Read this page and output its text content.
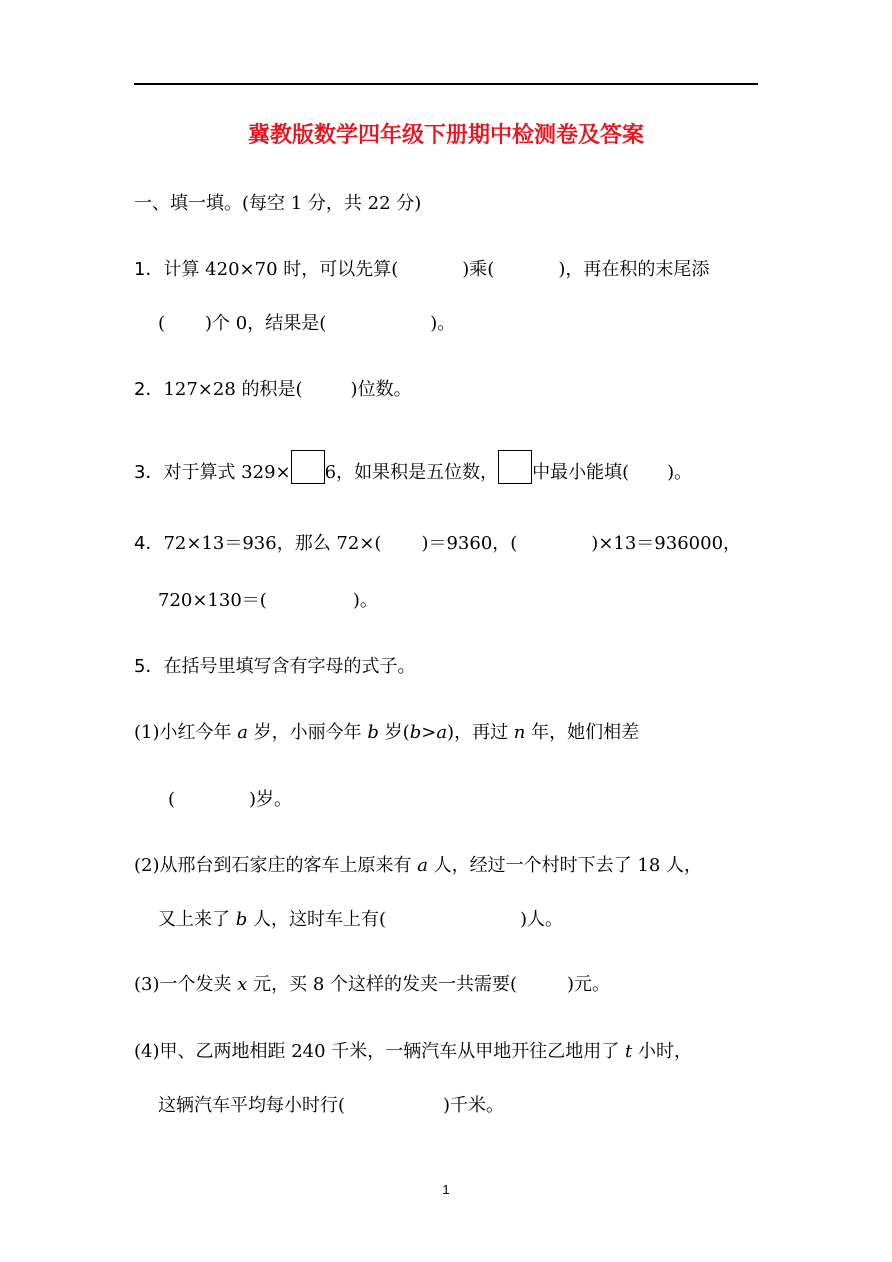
冀教版数学四年级下册期中检测卷及答案
一、填一填。(每空 1 分，共 22 分)
1．计算 420×70 时，可以先算(	)乘(	)，再在积的末尾添
( )个 0，结果是(	)。
2．127×28 的积是(	)位数。
3．对于算式 329× 6，如果积是五位数， 中最小能填( )。
4．72×13＝936，那么 72×( )＝9360，(	)×13＝936000，
720×130＝(	)。
5．在括号里填写含有字母的式子。
(1)小红今年 a 岁，小丽今年 b 岁(b>a)，再过 n 年，她们相差
(	)岁。
(2)从邢台到石家庄的客车上原来有 a 人，经过一个村时下去了 18 人，
又上来了 b 人，这时车上有(	)人。
(3)一个发夹 x 元，买 8 个这样的发夹一共需要(	)元。
(4)甲、乙两地相距 240 千米，一辆汽车从甲地开往乙地用了 t 小时，
这辆汽车平均每小时行(	)千米。
1
